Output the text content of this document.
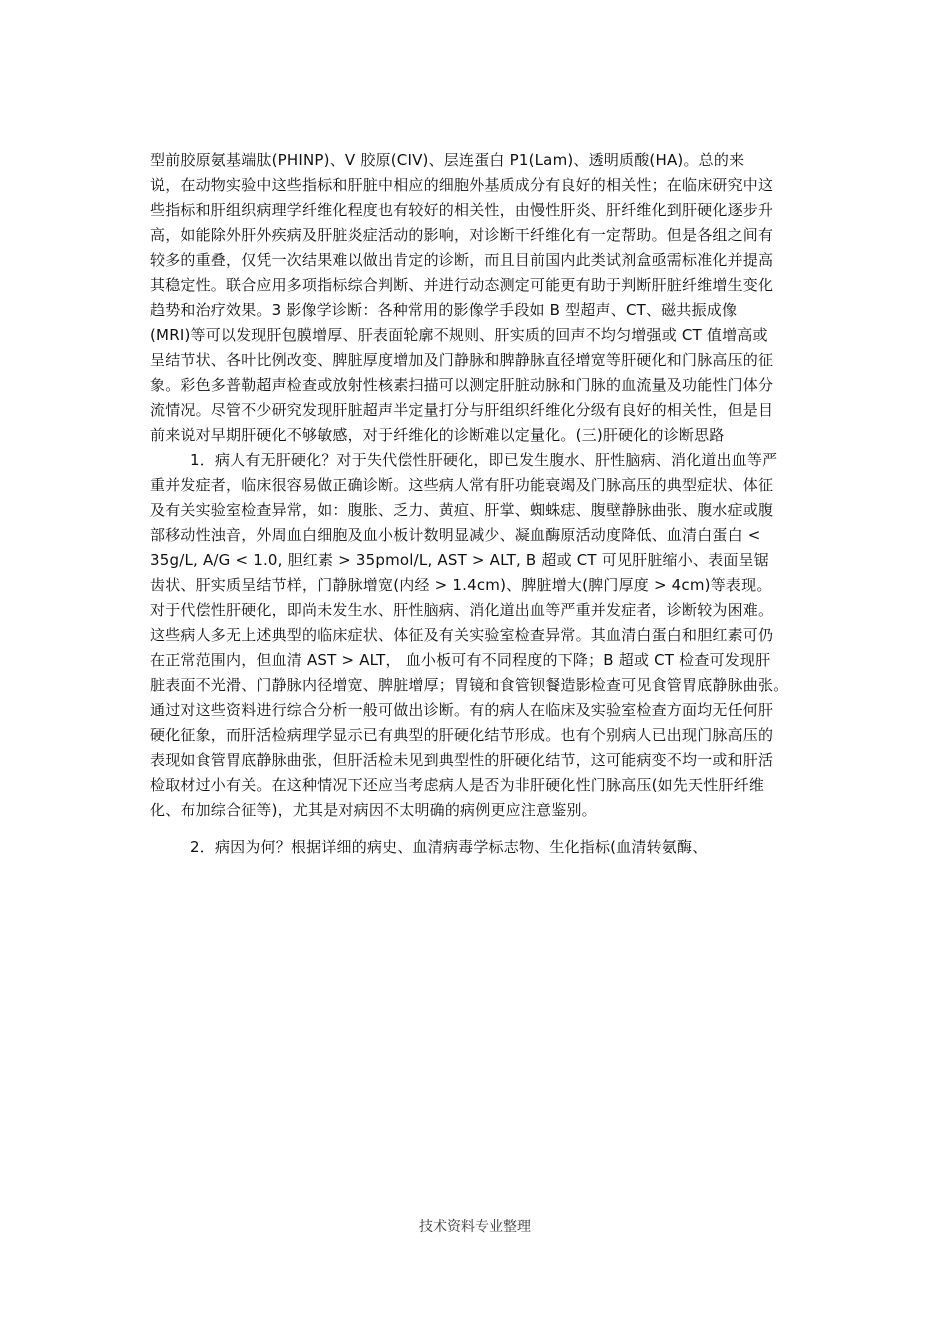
型前胶原氨基端肽(PHINP)、V 胶原(CIV)、层连蛋白 P1(Lam)、透明质酸(HA)。总的来
说，在动物实验中这些指标和肝脏中相应的细胞外基质成分有良好的相关性；在临床研究中这
些指标和肝组织病理学纤维化程度也有较好的相关性，由慢性肝炎、肝纤维化到肝硬化逐步升
高，如能除外肝外疾病及肝脏炎症活动的影响，对诊断干纤维化有一定帮助。但是各组之间有
较多的重叠，仅凭一次结果难以做出肯定的诊断，而且目前国内此类试剂盒亟需标准化并提高
其稳定性。联合应用多项指标综合判断、并进行动态测定可能更有助于判断肝脏纤维增生变化
趋势和治疗效果。3 影像学诊断：各种常用的影像学手段如 B 型超声、CT、磁共振成像
(MRI)等可以发现肝包膜增厚、肝表面轮廓不规则、肝实质的回声不均匀增强或 CT 值增高或
呈结节状、各叶比例改变、脾脏厚度增加及门静脉和脾静脉直径增宽等肝硬化和门脉高压的征
象。彩色多普勒超声检查或放射性核素扫描可以测定肝脏动脉和门脉的血流量及功能性门体分
流情况。尽管不少研究发现肝脏超声半定量打分与肝组织纤维化分级有良好的相关性，但是目
前来说对早期肝硬化不够敏感，对于纤维化的诊断难以定量化。(三)肝硬化的诊断思路
1．病人有无肝硬化？对于失代偿性肝硬化，即已发生腹水、肝性脑病、消化道出血等严
重并发症者，临床很容易做正确诊断。这些病人常有肝功能衰竭及门脉高压的典型症状、体征
及有关实验室检查异常，如：腹胀、乏力、黄疸、肝掌、蜘蛛痣、腹壁静脉曲张、腹水症或腹
部移动性浊音，外周血白细胞及血小板计数明显减少、凝血酶原活动度降低、血清白蛋白 <
35g/L, A/G < 1.0, 胆红素 > 35pmol/L, AST > ALT, B 超或 CT 可见肝脏缩小、表面呈锯
齿状、肝实质呈结节样，门静脉增宽(内经 > 1.4cm)、脾脏增大(脾门厚度 > 4cm)等表现。
对于代偿性肝硬化，即尚未发生水、肝性脑病、消化道出血等严重并发症者，诊断较为困难。
这些病人多无上述典型的临床症状、体征及有关实验室检查异常。其血清白蛋白和胆红素可仍
在正常范围内，但血清 AST > ALT， 血小板可有不同程度的下降；B 超或 CT 检查可发现肝
脏表面不光滑、门静脉内径增宽、脾脏增厚；胃镜和食管钡餐造影检查可见食管胃底静脉曲张。
通过对这些资料进行综合分析一般可做出诊断。有的病人在临床及实验室检查方面均无任何肝
硬化征象，而肝活检病理学显示已有典型的肝硬化结节形成。也有个别病人已出现门脉高压的
表现如食管胃底静脉曲张，但肝活检未见到典型性的肝硬化结节，这可能病变不均一或和肝活
检取材过小有关。在这种情况下还应当考虑病人是否为非肝硬化性门脉高压(如先天性肝纤维
化、布加综合征等)，尤其是对病因不太明确的病例更应注意鉴别。
2．病因为何？根据详细的病史、血清病毒学标志物、生化指标(血清转氨酶、
技术资料专业整理
